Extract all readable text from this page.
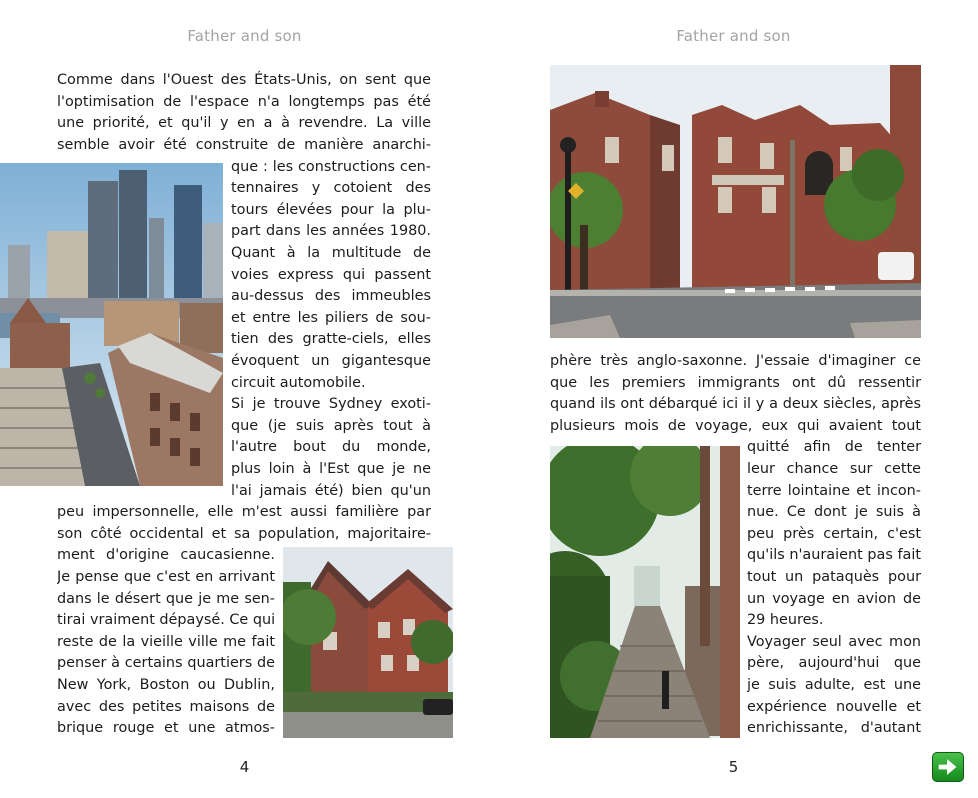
Father and son
Comme dans l'Ouest des États-Unis, on sent que
l'optimisation de l'espace n'a longtemps pas été
une priorité, et qu'il y en a à revendre. La ville
semble avoir été construite de manière anarchi-
que : les constructions cen-
tennaires y cotoient des
tours élevées pour la plu-
part dans les années 1980.
Quant à la multitude de
voies express qui passent
au-dessus des immeubles
et entre les piliers de sou-
tien des gratte-ciels, elles
évoquent un gigantesque
circuit automobile.
Si je trouve Sydney exoti-
que (je suis après tout à
l'autre bout du monde,
plus loin à l'Est que je ne
l'ai jamais été) bien qu'un
peu impersonnelle, elle m'est aussi familière par
son côté occidental et sa population, majoritaire-
ment d'origine caucasienne.
Je pense que c'est en arrivant
dans le désert que je me sen-
tirai vraiment dépaysé. Ce qui
reste de la vieille ville me fait
penser à certains quartiers de
New York, Boston ou Dublin,
avec des petites maisons de
brique rouge et une atmos-
4
Father and son
phère très anglo-saxonne. J'essaie d'imaginer ce
que les premiers immigrants ont dû ressentir
quand ils ont débarqué ici il y a deux siècles, après
plusieurs mois de voyage, eux qui avaient tout
quitté afin de tenter
leur chance sur cette
terre lointaine et incon-
nue. Ce dont je suis à
peu près certain, c'est
qu'ils n'auraient pas fait
tout un pataquès pour
un voyage en avion de
29 heures.
Voyager seul avec mon
père, aujourd'hui que
je suis adulte, est une
expérience nouvelle et
enrichissante, d'autant
5
